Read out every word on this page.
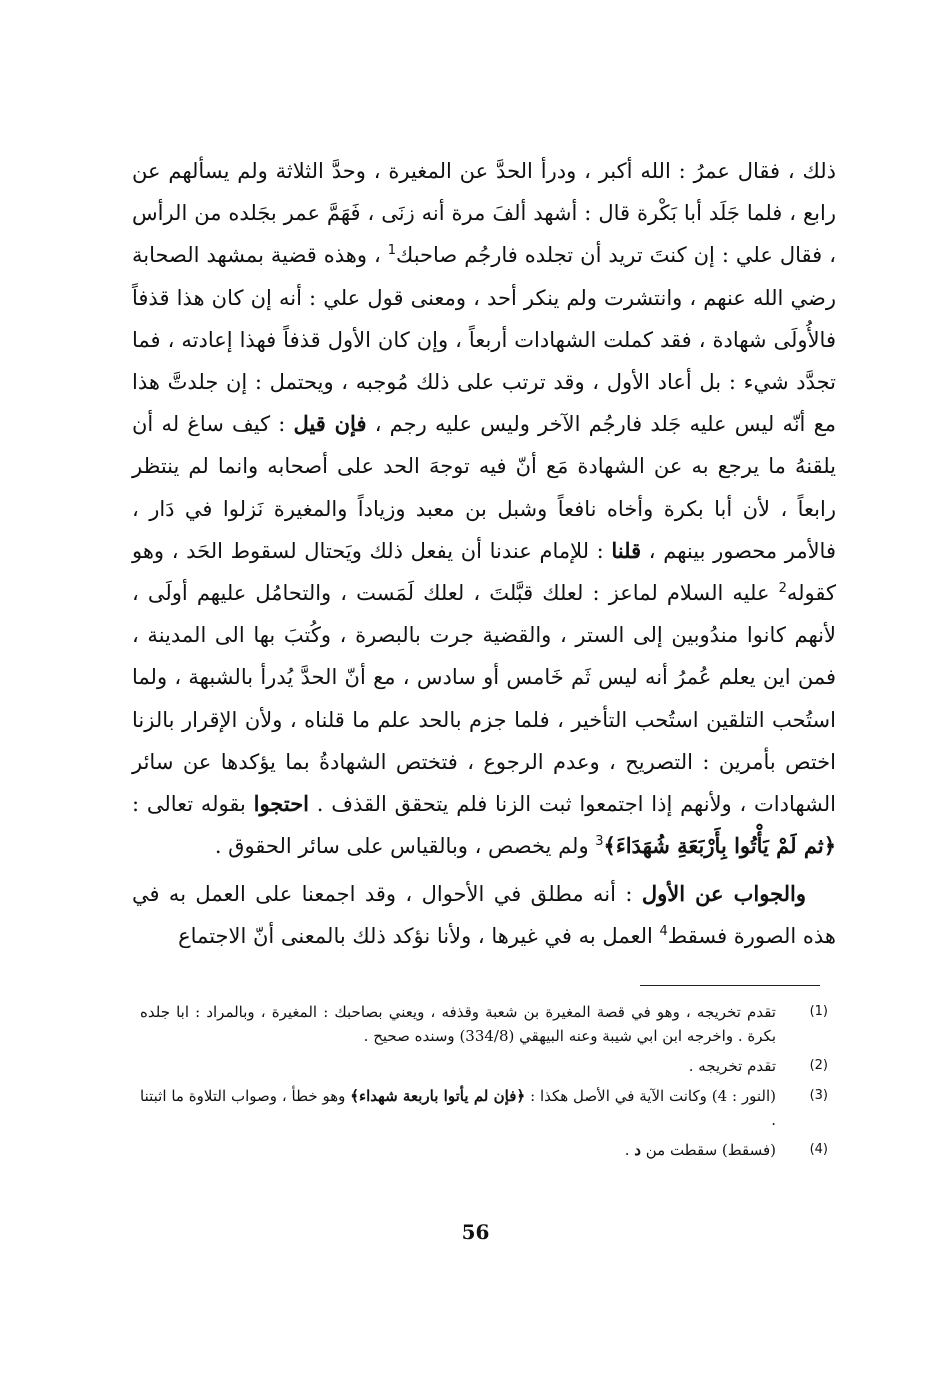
ذلك ، فقال عمرُ : الله أكبر ، ودرأ الحدَّ عن المغيرة ، وحدَّ الثلاثة ولم يسألهم عن رابع ، فلما جَلَد أبا بَكْرة قال : أشهد ألفَ مرة أنه زنَى ، فَهَمَّ عمر بجَلده من الرأس ، فقال علي : إن كنتَ تريد أن تجلده فارجُم صاحبك$^1$ ، وهذه قضية بمشهد الصحابة رضي الله عنهم ، وانتشرت ولم ينكر أحد ، ومعنى قول علي : أنه إن كان هذا قذفاً فالأُولَى شهادة ، فقد كملت الشهادات أربعاً ، وإن كان الأول قذفاً فهذا إعادته ، فما تجدَّد شيء : بل أعاد الأول ، وقد ترتب على ذلك مُوجبه ، ويحتمل : إن جلدتَّ هذا مع أنّه ليس عليه جَلد فارجُم الآخر وليس عليه رجم ، فإن قيل : كيف ساغ له أن يلقنهُ ما يرجع به عن الشهادة مَع أنّ فيه توجهَ الحد على أصحابه وانما لم ينتظر رابعاً ، لأن أبا بكرة وأخاه نافعاً وشبل بن معبد وزياداً والمغيرة نَزلوا في دَار ، فالأمر محصور بينهم ، قلنا : للإمام عندنا أن يفعل ذلك ويَحتال لسقوط الحَد ، وهو كقوله$^2$ عليه السلام لماعز : لعلك قبَّلتَ ، لعلك لَمَست ، والتحامُل عليهم أولَى ، لأنهم كانوا مندُوبين إلى الستر ، والقضية جرت بالبصرة ، وكُتبَ بها الى المدينة ، فمن اين يعلم عُمرُ أنه ليس ثَم خَامس أو سادس ، مع أنّ الحدَّ يُدرأ بالشبهة ، ولما استُحب التلقين استُحب التأخير ، فلما جزم بالحد علم ما قلناه ، ولأن الإقرار بالزنا اختص بأمرين : التصريح ، وعدم الرجوع ، فتختص الشهادةُ بما يؤكدها عن سائر الشهادات ، ولأنهم إذا اجتمعوا ثبت الزنا فلم يتحقق القذف . احتجوا بقوله تعالى : ﴿ثم لَمْ يَأْتُوا بِأَرْبَعَةِ شُهَدَاءَ﴾$^3$ ولم يخصص ، وبالقياس على سائر الحقوق .

والجواب عن الأول : أنه مطلق في الأحوال ، وقد اجمعنا على العمل به في هذه الصورة فسقط$^4$ العمل به في غيرها ، ولأنا نؤكد ذلك بالمعنى أنّ الاجتماع

(1)
تقدم تخريجه ، وهو في قصة المغيرة بن شعبة وقذفه ، ويعني بصاحبك : المغيرة ، وبالمراد : ابا جلده بكرة . واخرجه ابن ابي شيبة وعنه البيهقي (334/8) وسنده صحيح .
(2)
تقدم تخريجه .
(3)
(النور : 4) وكانت الآية في الأصل هكذا : ﴿فإن لم يأتوا باربعة شهداء﴾ وهو خطأ ، وصواب التلاوة ما اثبتنا .
(4)
(فسقط) سقطت من د .
56
